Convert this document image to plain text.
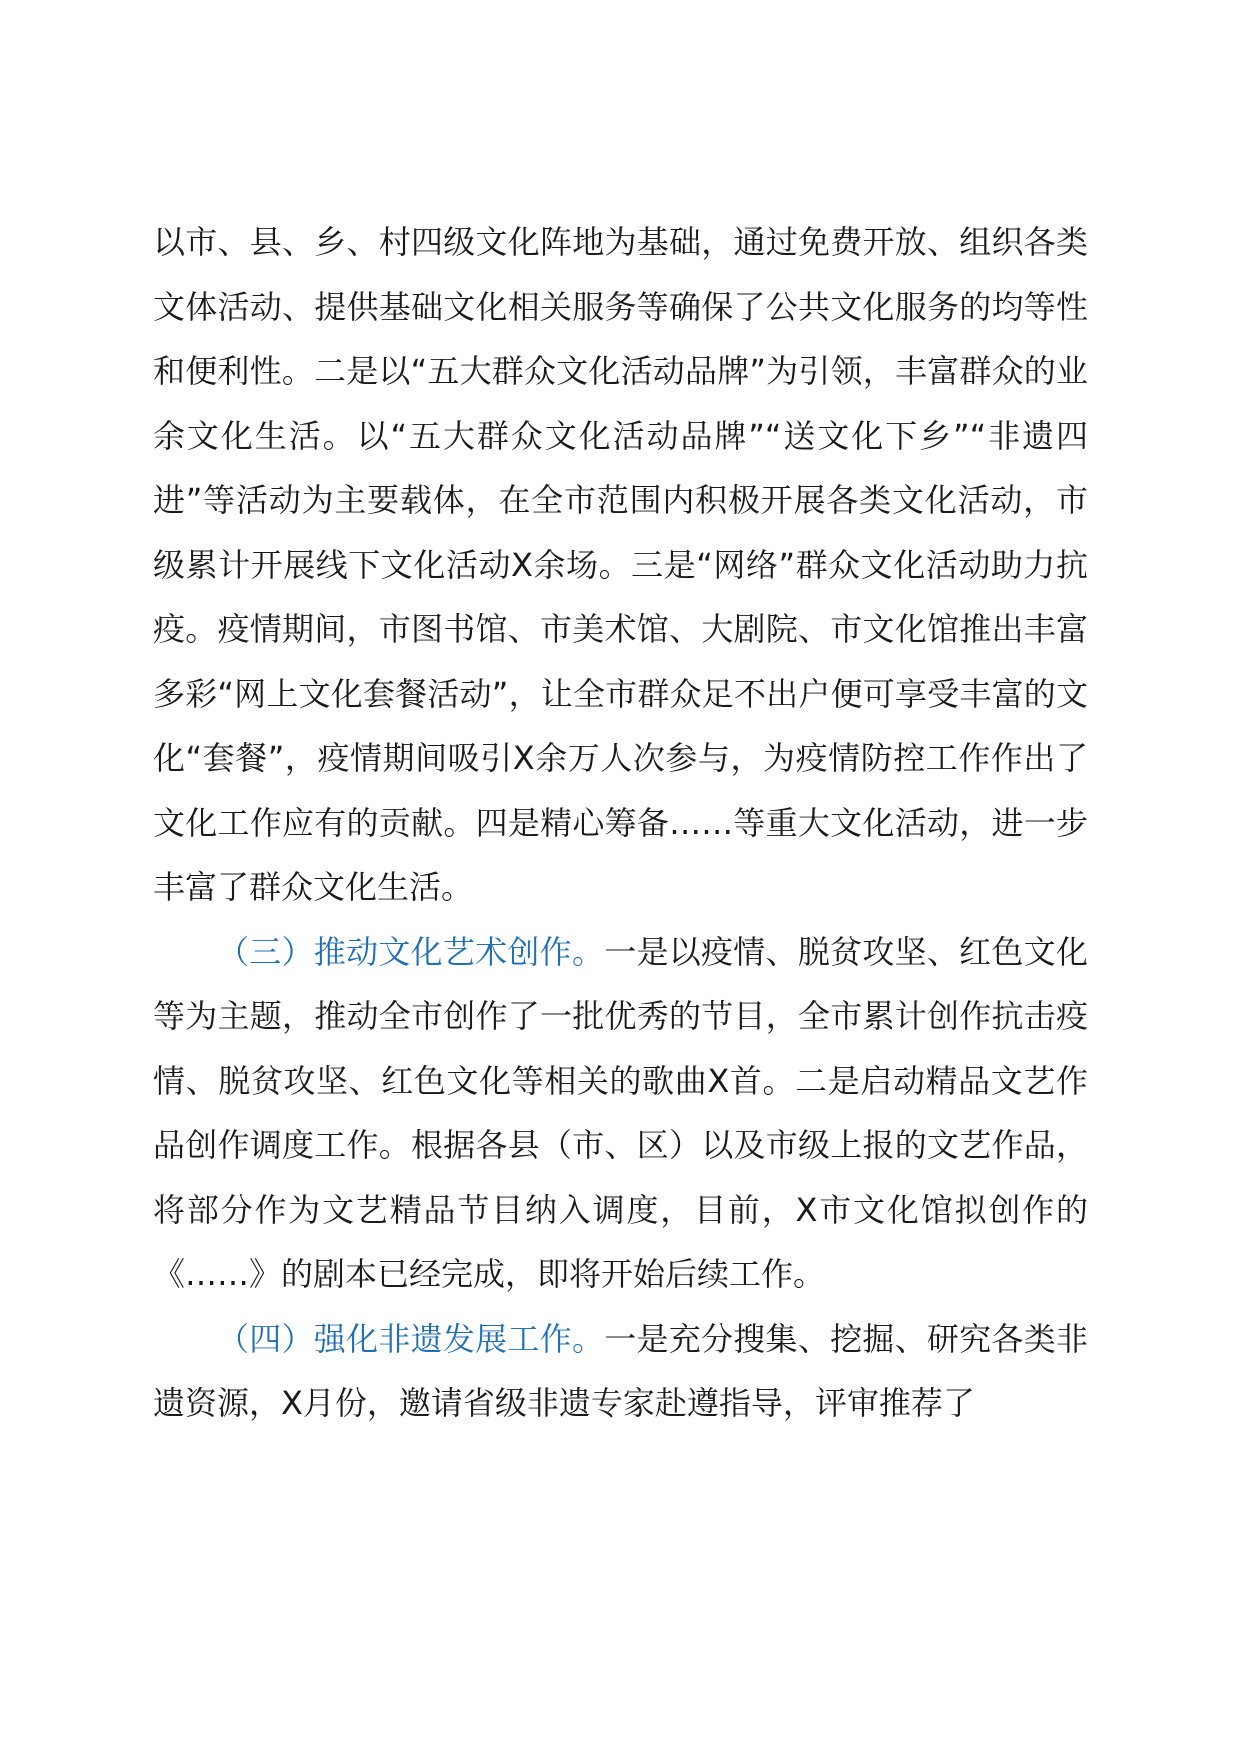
以市、县、乡、村四级文化阵地为基础，通过免费开放、组织各类文体活动、提供基础文化相关服务等确保了公共文化服务的均等性和便利性。二是以“五大群众文化活动品牌”为引领，丰富群众的业余文化生活。以“五大群众文化活动品牌”“送文化下乡”“非遗四进”等活动为主要载体，在全市范围内积极开展各类文化活动，市级累计开展线下文化活动X余场。三是“网络”群众文化活动助力抗疫。疫情期间，市图书馆、市美术馆、大剧院、市文化馆推出丰富多彩“网上文化套餐活动”，让全市群众足不出户便可享受丰富的文化“套餐”，疫情期间吸引X余万人次参与，为疫情防控工作作出了文化工作应有的贡献。四是精心筹备……等重大文化活动，进一步丰富了群众文化生活。

（三）推动文化艺术创作。一是以疫情、脱贫攻坚、红色文化等为主题，推动全市创作了一批优秀的节目，全市累计创作抗击疫情、脱贫攻坚、红色文化等相关的歌曲X首。二是启动精品文艺作品创作调度工作。根据各县（市、区）以及市级上报的文艺作品，将部分作为文艺精品节目纳入调度，目前，X市文化馆拟创作的《……》的剧本已经完成，即将开始后续工作。

（四）强化非遗发展工作。一是充分搜集、挖掘、研究各类非遗资源，X月份，邀请省级非遗专家赴遵指导，评审推荐了
